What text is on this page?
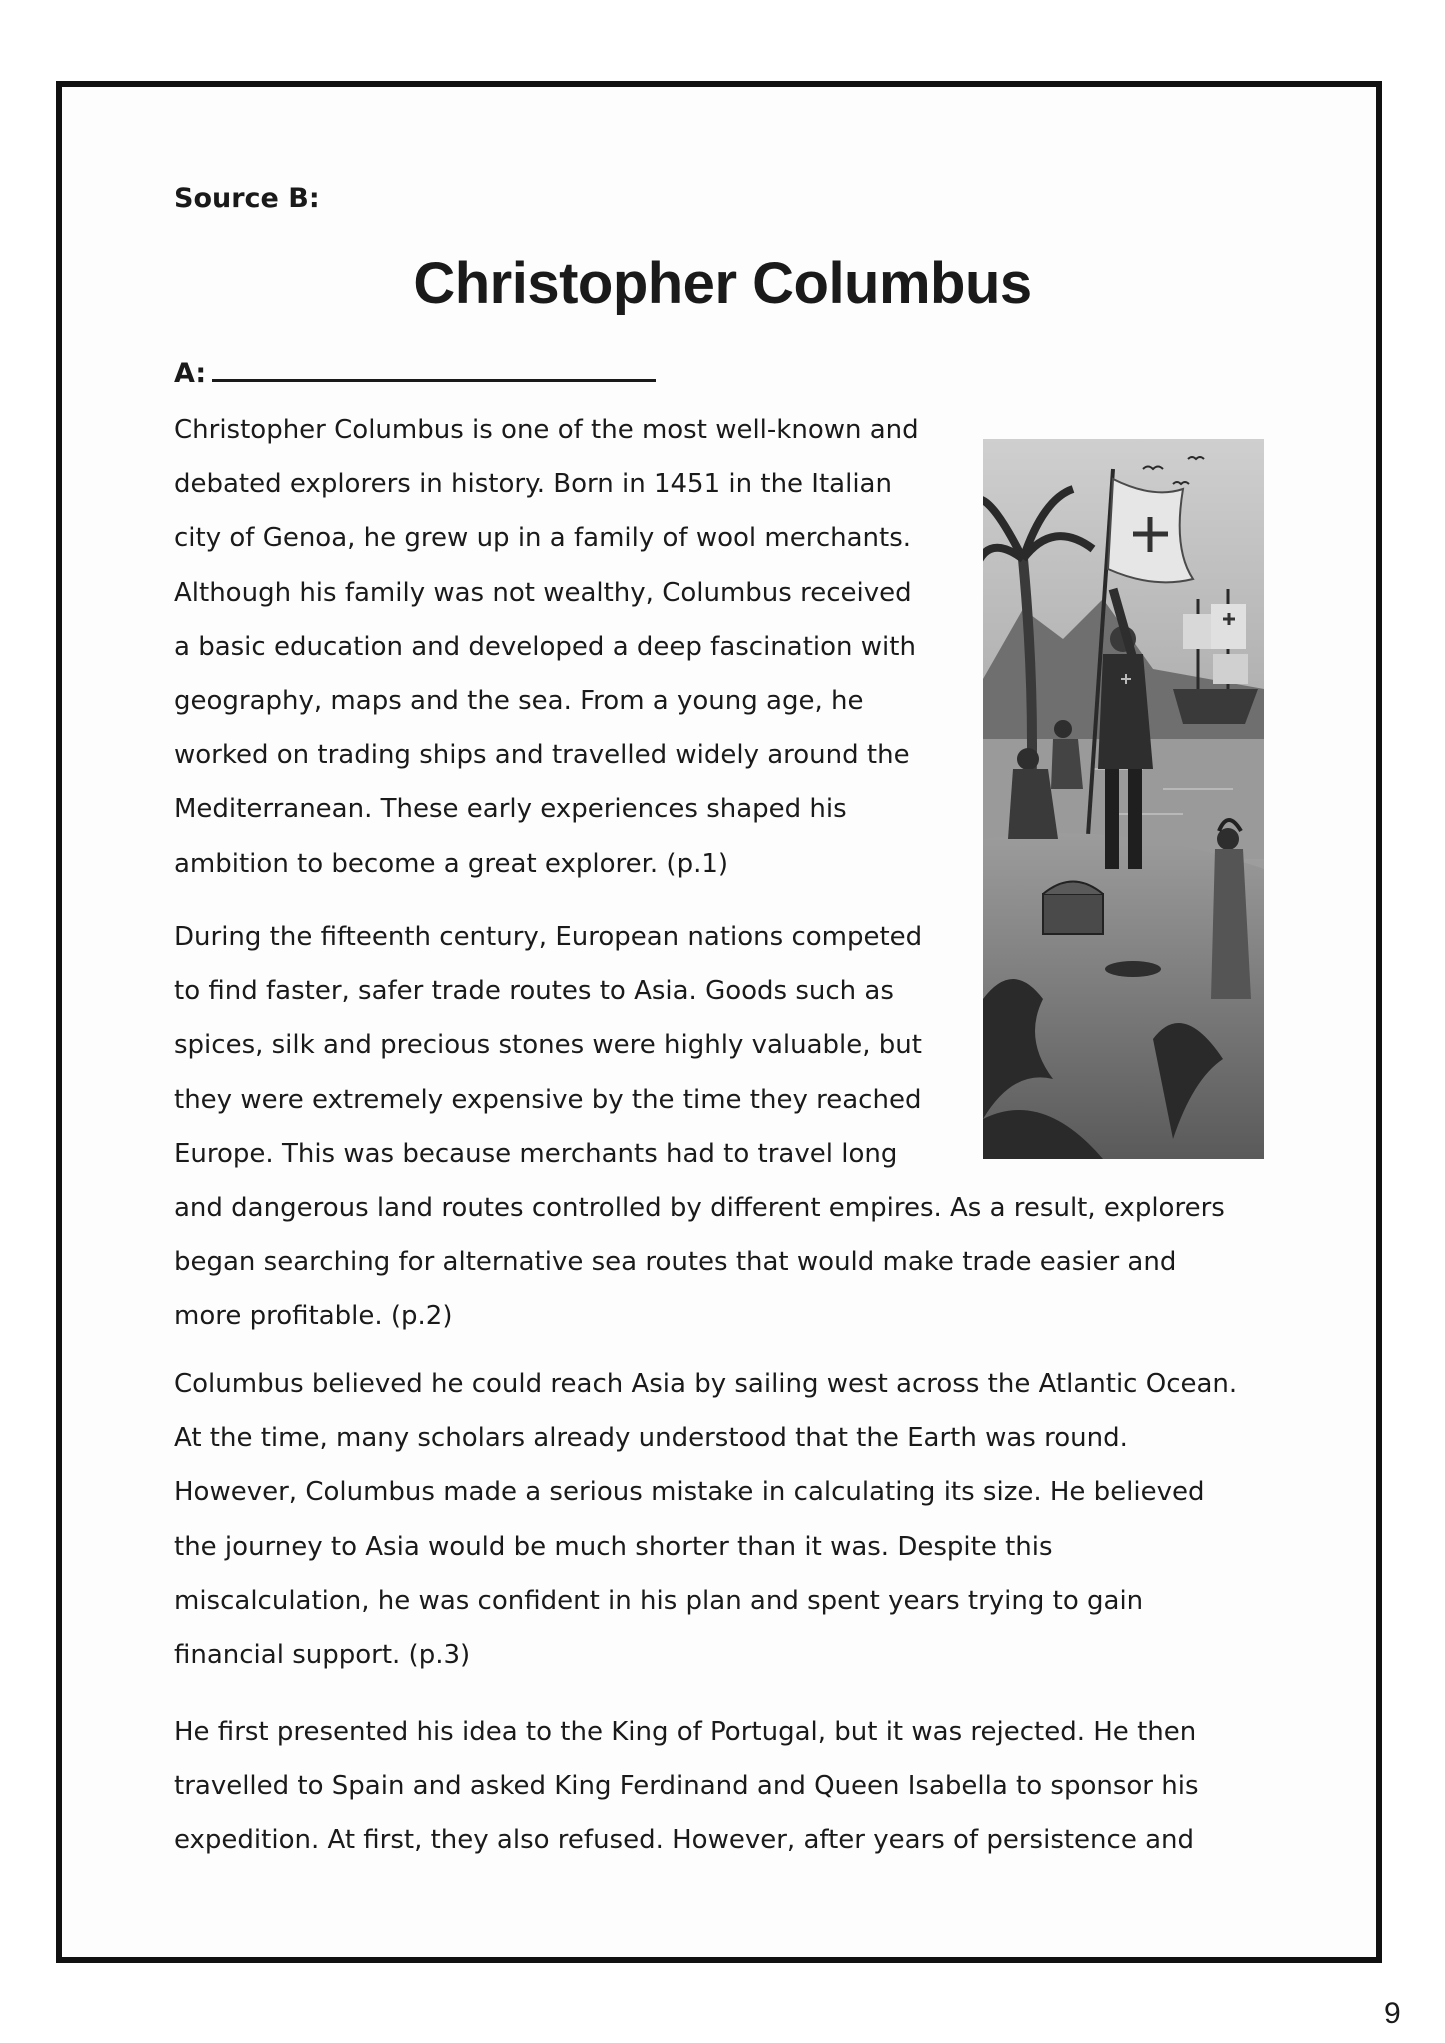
Source B:
Christopher Columbus
A:
Christopher Columbus is one of the most well-known and
debated explorers in history. Born in 1451 in the Italian
city of Genoa, he grew up in a family of wool merchants.
Although his family was not wealthy, Columbus received
a basic education and developed a deep fascination with
geography, maps and the sea. From a young age, he
worked on trading ships and travelled widely around the
Mediterranean. These early experiences shaped his
ambition to become a great explorer. (p.1)
During the fifteenth century, European nations competed
to find faster, safer trade routes to Asia. Goods such as
spices, silk and precious stones were highly valuable, but
they were extremely expensive by the time they reached
Europe. This was because merchants had to travel long
and dangerous land routes controlled by different empires. As a result, explorers
began searching for alternative sea routes that would make trade easier and
more profitable. (p.2)
Columbus believed he could reach Asia by sailing west across the Atlantic Ocean.
At the time, many scholars already understood that the Earth was round.
However, Columbus made a serious mistake in calculating its size. He believed
the journey to Asia would be much shorter than it was. Despite this
miscalculation, he was confident in his plan and spent years trying to gain
financial support. (p.3)
He first presented his idea to the King of Portugal, but it was rejected. He then
travelled to Spain and asked King Ferdinand and Queen Isabella to sponsor his
expedition. At first, they also refused. However, after years of persistence and
9
